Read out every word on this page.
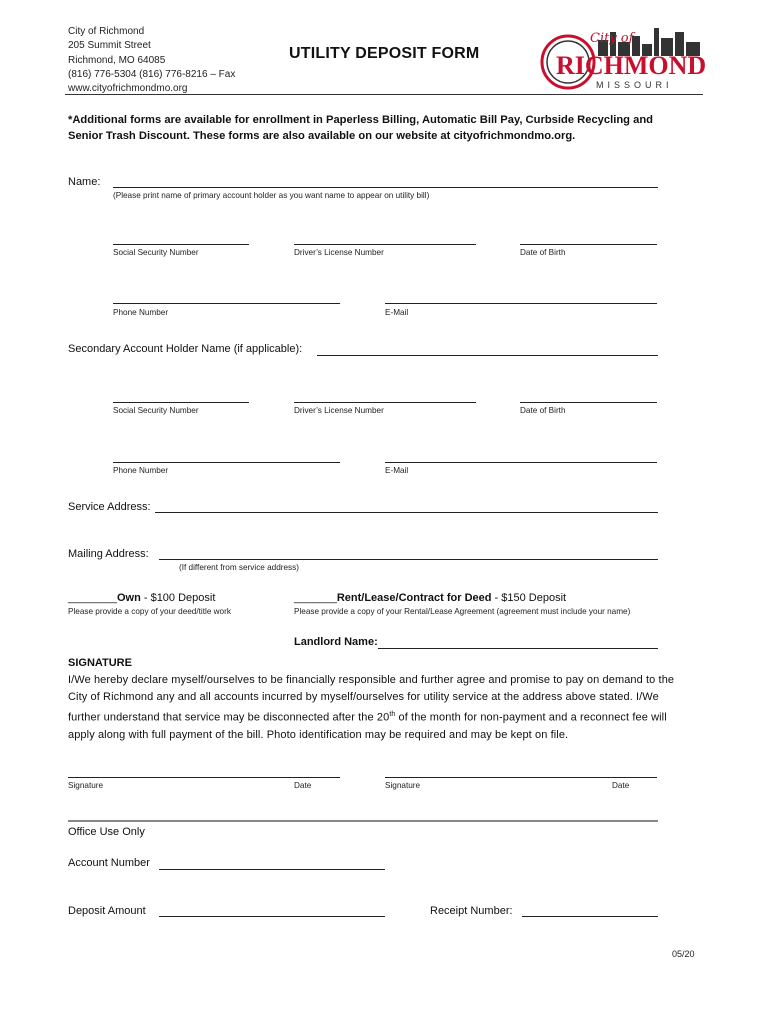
City of Richmond
205 Summit Street
Richmond, MO 64085
(816) 776-5304 (816) 776-8216 – Fax
www.cityofrichmondmo.org
UTILITY DEPOSIT FORM
City of
RICHMOND
MISSOURI
*Additional forms are available for enrollment in Paperless Billing, Automatic Bill Pay, Curbside Recycling and Senior Trash Discount. These forms are also available on our website at cityofrichmondmo.org.
Name:
(Please print name of primary account holder as you want name to appear on utility bill)
Social Security Number	Driver’s License Number	Date of Birth
Phone Number	E-Mail
Secondary Account Holder Name (if applicable):
Social Security Number	Driver’s License Number	Date of Birth
Phone Number	E-Mail
Service Address:
Mailing Address:
(If different from service address)
________Own - $100 Deposit
Please provide a copy of your deed/title work
_______Rent/Lease/Contract for Deed - $150 Deposit
Please provide a copy of your Rental/Lease Agreement (agreement must include your name)
Landlord Name:
SIGNATURE
I/We hereby declare myself/ourselves to be financially responsible and further agree and promise to pay on demand to the City of Richmond any and all accounts incurred by myself/ourselves for utility service at the address above stated. I/We further understand that service may be disconnected after the 20th of the month for non-payment and a reconnect fee will apply along with full payment of the bill. Photo identification may be required and may be kept on file.
Signature	Date	Signature	Date
Office Use Only
Account Number
Deposit Amount	Receipt Number:
05/20
